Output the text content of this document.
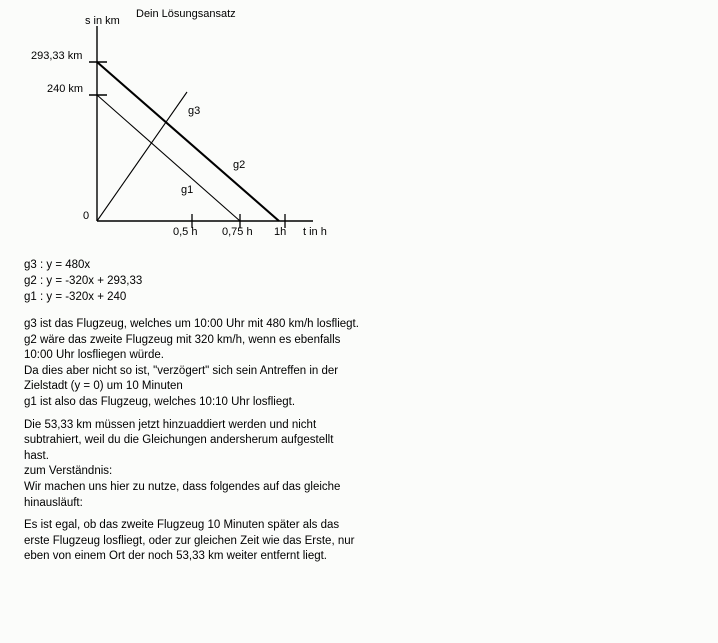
Dein Lösungsansatz
s in km
t in h
293,33 km
240 km
0
0,5 h 0,75 h 1h
g3
g2
g1
g3 : y = 480x
g2 : y = -320x + 293,33
g1 : y = -320x + 240

g3 ist das Flugzeug, welches um 10:00 Uhr mit 480 km/h losfliegt.

g2 wäre das zweite Flugzeug mit 320 km/h, wenn es ebenfalls

10:00 Uhr losfliegen würde.

Da dies aber nicht so ist, "verzögert" sich sein Antreffen in der

Zielstadt (y = 0) um 10 Minuten

g1 ist also das Flugzeug, welches 10:10 Uhr losfliegt.

Die 53,33 km müssen jetzt hinzuaddiert werden und nicht

subtrahiert, weil du die Gleichungen andersherum aufgestellt

hast.

zum Verständnis:

Wir machen uns hier zu nutze, dass folgendes auf das gleiche

hinausläuft:

Es ist egal, ob das zweite Flugzeug 10 Minuten später als das

erste Flugzeug losfliegt, oder zur gleichen Zeit wie das Erste, nur

eben von einem Ort der noch 53,33 km weiter entfernt liegt.
